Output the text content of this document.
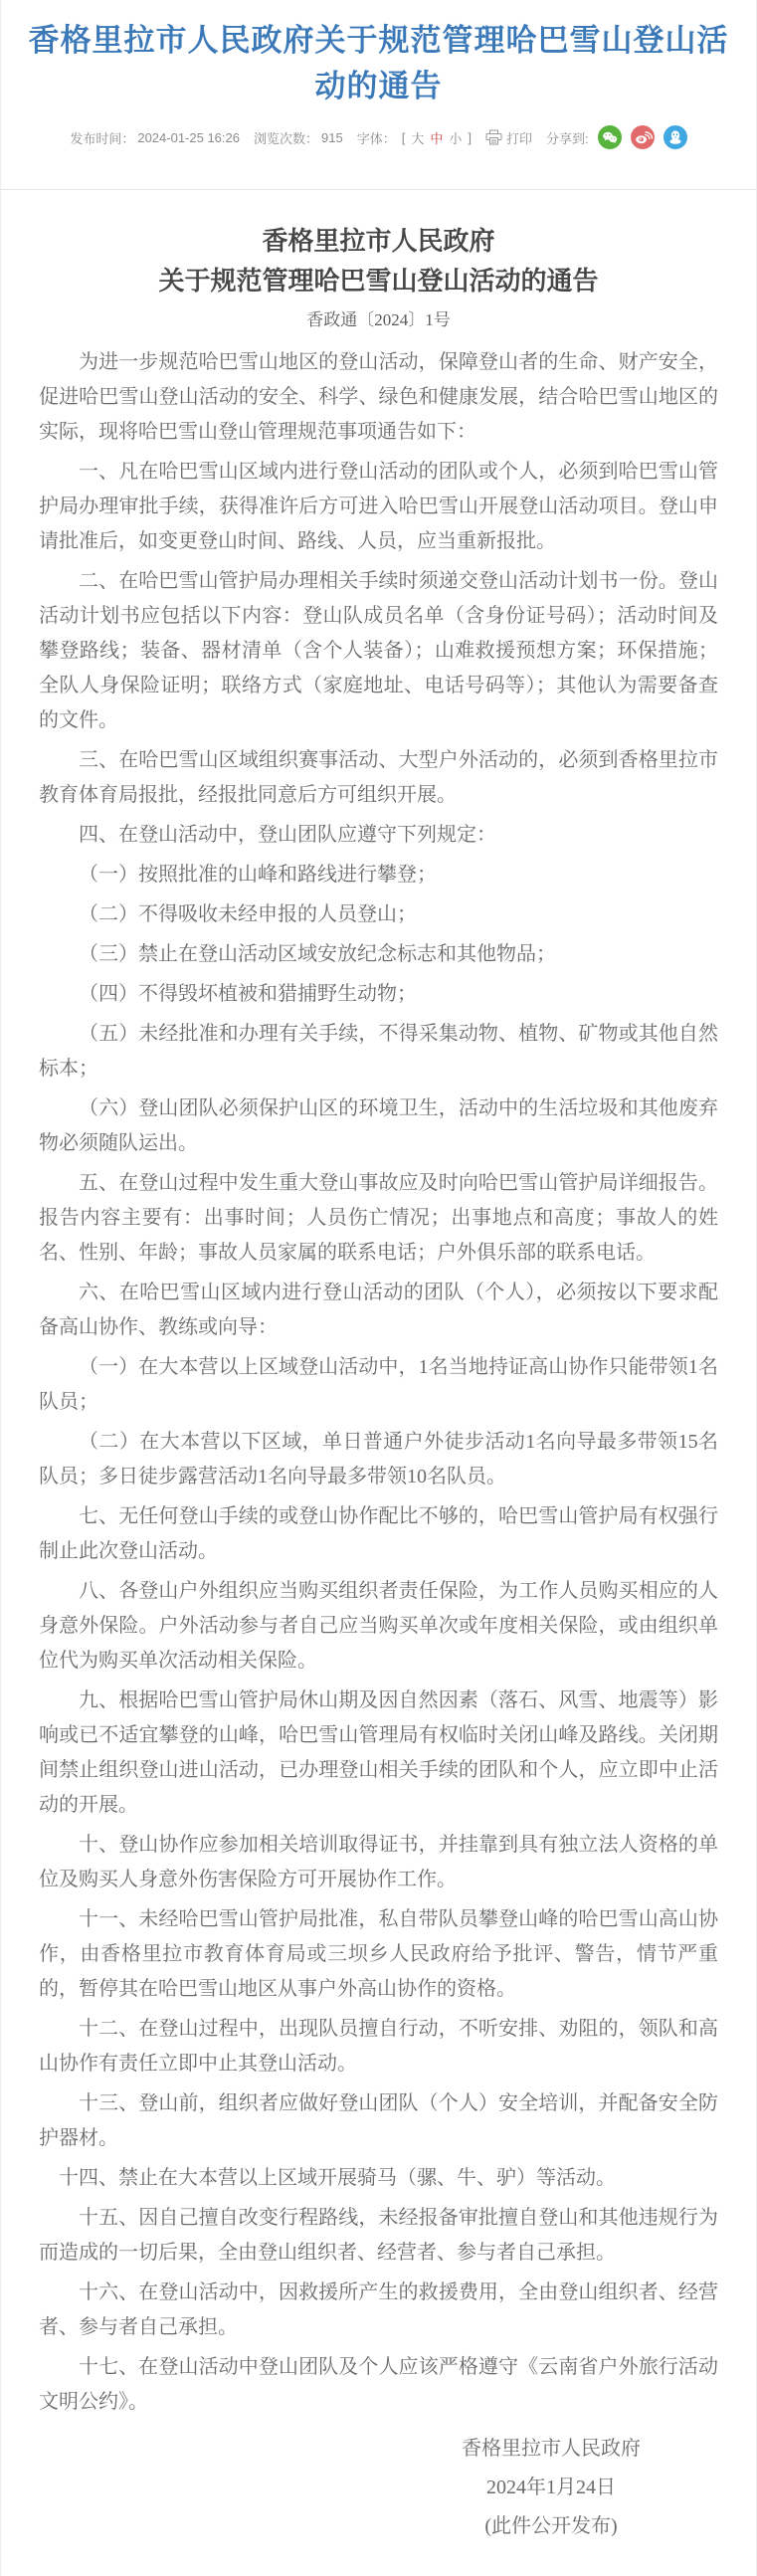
香格里拉市人民政府关于规范管理哈巴雪山登山活动的通告
发布时间： 2024-01-25 16:26 浏览次数： 915 字体： [ 大 中 小 ]	打印 分享到:
香格里拉市人民政府
关于规范管理哈巴雪山登山活动的通告
香政通〔2024〕1号

为进一步规范哈巴雪山地区的登山活动，保障登山者的生命、财产安全，促进哈巴雪山登山活动的安全、科学、绿色和健康发展，结合哈巴雪山地区的实际，现将哈巴雪山登山管理规范事项通告如下：

一、凡在哈巴雪山区域内进行登山活动的团队或个人，必须到哈巴雪山管护局办理审批手续，获得准许后方可进入哈巴雪山开展登山活动项目。登山申请批准后，如变更登山时间、路线、人员，应当重新报批。

二、在哈巴雪山管护局办理相关手续时须递交登山活动计划书一份。登山活动计划书应包括以下内容：登山队成员名单（含身份证号码）；活动时间及攀登路线；装备、器材清单（含个人装备）；山难救援预想方案；环保措施；全队人身保险证明；联络方式（家庭地址、电话号码等）；其他认为需要备查的文件。

三、在哈巴雪山区域组织赛事活动、大型户外活动的，必须到香格里拉市教育体育局报批，经报批同意后方可组织开展。

四、在登山活动中，登山团队应遵守下列规定：

（一）按照批准的山峰和路线进行攀登；

（二）不得吸收未经申报的人员登山；

（三）禁止在登山活动区域安放纪念标志和其他物品；

（四）不得毁坏植被和猎捕野生动物；

（五）未经批准和办理有关手续，不得采集动物、植物、矿物或其他自然标本；

（六）登山团队必须保护山区的环境卫生，活动中的生活垃圾和其他废弃物必须随队运出。

五、在登山过程中发生重大登山事故应及时向哈巴雪山管护局详细报告。报告内容主要有：出事时间；人员伤亡情况；出事地点和高度；事故人的姓名、性别、年龄；事故人员家属的联系电话；户外俱乐部的联系电话。

六、在哈巴雪山区域内进行登山活动的团队（个人），必须按以下要求配备高山协作、教练或向导：

（一）在大本营以上区域登山活动中，1名当地持证高山协作只能带领1名队员；

（二）在大本营以下区域，单日普通户外徒步活动1名向导最多带领15名队员；多日徒步露营活动1名向导最多带领10名队员。

七、无任何登山手续的或登山协作配比不够的，哈巴雪山管护局有权强行制止此次登山活动。

八、各登山户外组织应当购买组织者责任保险，为工作人员购买相应的人身意外保险。户外活动参与者自己应当购买单次或年度相关保险，或由组织单位代为购买单次活动相关保险。

九、根据哈巴雪山管护局休山期及因自然因素（落石、风雪、地震等）影响或已不适宜攀登的山峰，哈巴雪山管理局有权临时关闭山峰及路线。关闭期间禁止组织登山进山活动，已办理登山相关手续的团队和个人，应立即中止活动的开展。

十、登山协作应参加相关培训取得证书，并挂靠到具有独立法人资格的单位及购买人身意外伤害保险方可开展协作工作。

十一、未经哈巴雪山管护局批准，私自带队员攀登山峰的哈巴雪山高山协作，由香格里拉市教育体育局或三坝乡人民政府给予批评、警告，情节严重的，暂停其在哈巴雪山地区从事户外高山协作的资格。

十二、在登山过程中，出现队员擅自行动，不听安排、劝阻的，领队和高山协作有责任立即中止其登山活动。

十三、登山前，组织者应做好登山团队（个人）安全培训，并配备安全防护器材。

十四、禁止在大本营以上区域开展骑马（骡、牛、驴）等活动。

十五、因自己擅自改变行程路线，未经报备审批擅自登山和其他违规行为而造成的一切后果，全由登山组织者、经营者、参与者自己承担。

十六、在登山活动中，因救援所产生的救援费用，全由登山组织者、经营者、参与者自己承担。

十七、在登山活动中登山团队及个人应该严格遵守《云南省户外旅行活动文明公约》。

香格里拉市人民政府
2024年1月24日
(此件公开发布)
